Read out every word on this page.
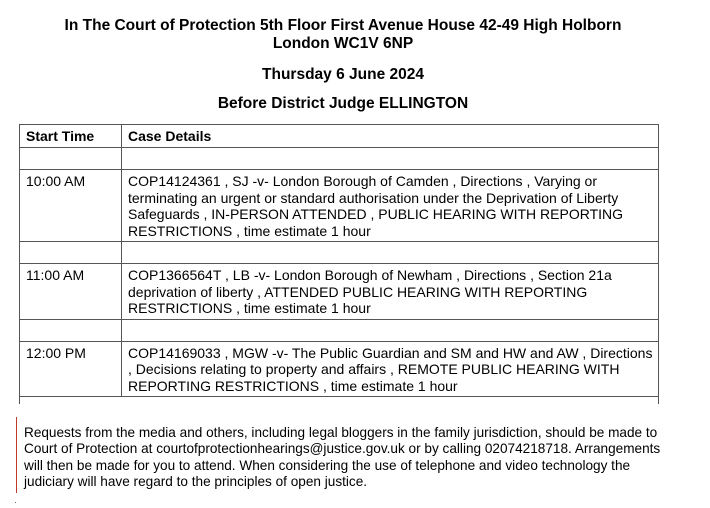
In The Court of Protection 5th Floor First Avenue House 42-49 High Holborn
London WC1V 6NP
Thursday 6 June 2024
Before District Judge ELLINGTON
Start Time	Case Details
10:00 AM	COP14124361 , SJ -v- London Borough of Camden , Directions , Varying or terminating an urgent or standard authorisation under the Deprivation of Liberty Safeguards , IN-PERSON ATTENDED , PUBLIC HEARING WITH REPORTING RESTRICTIONS , time estimate 1 hour
11:00 AM	COP1366564T , LB -v- London Borough of Newham , Directions , Section 21a deprivation of liberty , ATTENDED PUBLIC HEARING WITH REPORTING RESTRICTIONS , time estimate 1 hour
12:00 PM	COP14169033 , MGW -v- The Public Guardian and SM and HW and AW , Directions , Decisions relating to property and affairs , REMOTE PUBLIC HEARING WITH REPORTING RESTRICTIONS , time estimate 1 hour
Requests from the media and others, including legal bloggers in the family jurisdiction, should be made to Court of Protection at courtofprotectionhearings@justice.gov.uk or by calling 02074218718. Arrangements will then be made for you to attend. When considering the use of telephone and video technology the judiciary will have regard to the principles of open justice.
